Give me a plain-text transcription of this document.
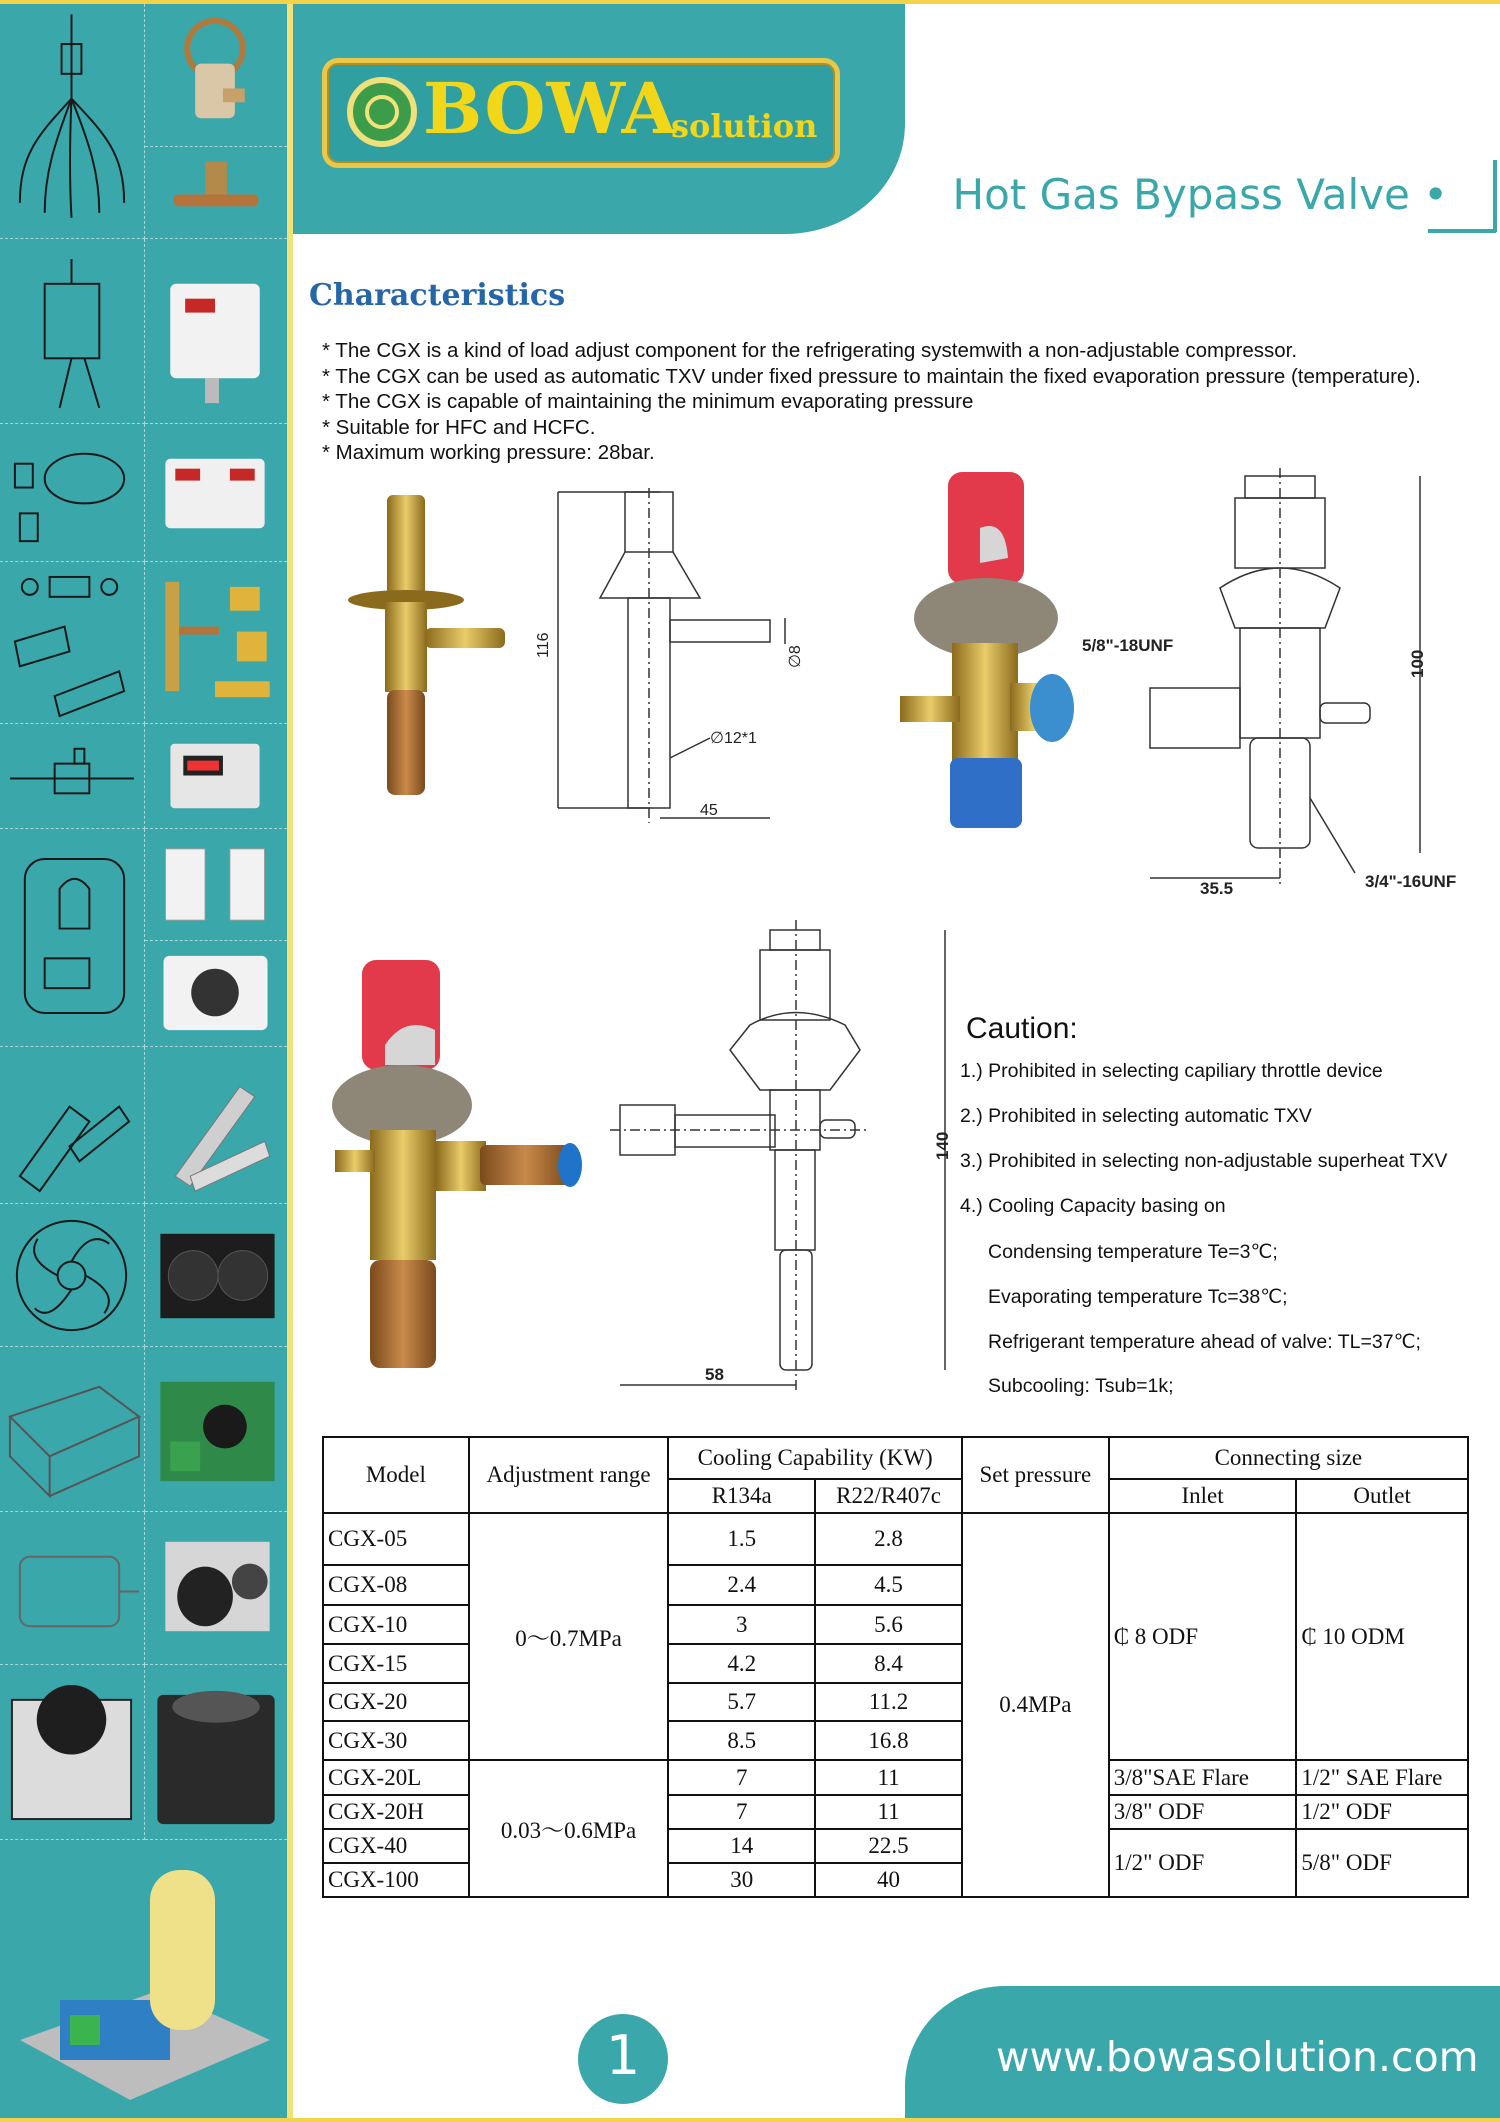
BOWA
solution
Hot Gas Bypass Valve •
Characteristics
* The CGX is a kind of load adjust component for the refrigerating systemwith a non-adjustable compressor.
* The CGX can be used as automatic TXV under fixed pressure to maintain the fixed evaporation pressure (temperature).
* The CGX is capable of maintaining the minimum evaporating pressure
* Suitable for HFC and HCFC.
* Maximum working pressure: 28bar.
116
45
∅12*1
∅8	5/8"-18UNF
100
35.5	3/4"-16UNF
140
58
Caution:
1.) Prohibited in selecting capiliary throttle device
2.) Prohibited in selecting automatic TXV
3.) Prohibited in selecting non-adjustable superheat TXV
4.) Cooling Capacity basing on
Condensing temperature Te=3℃;
Evaporating temperature Tc=38℃;
Refrigerant temperature ahead of valve: TL=37℃;
Subcooling: Tsub=1k;
Model	Adjustment range	Cooling Capability (KW)		Set pressure	Connecting size	
		R134a	R22/R407c		Inlet	Outlet
CGX-05	0～0.7MPa	1.5	2.8	0.4MPa	₵ 8 ODF	₵ 10 ODM
CGX-08		2.4	4.5			
CGX-10		3	5.6			
CGX-15		4.2	8.4			
CGX-20		5.7	11.2			
CGX-30		8.5	16.8			
CGX-20L	0.03～0.6MPa	7	11		3/8"SAE Flare	1/2" SAE Flare
CGX-20H		7	11		3/8" ODF	1/2" ODF
CGX-40		14	22.5		1/2" ODF	5/8" ODF
CGX-100		30	40			
1	www.bowasolution.com
